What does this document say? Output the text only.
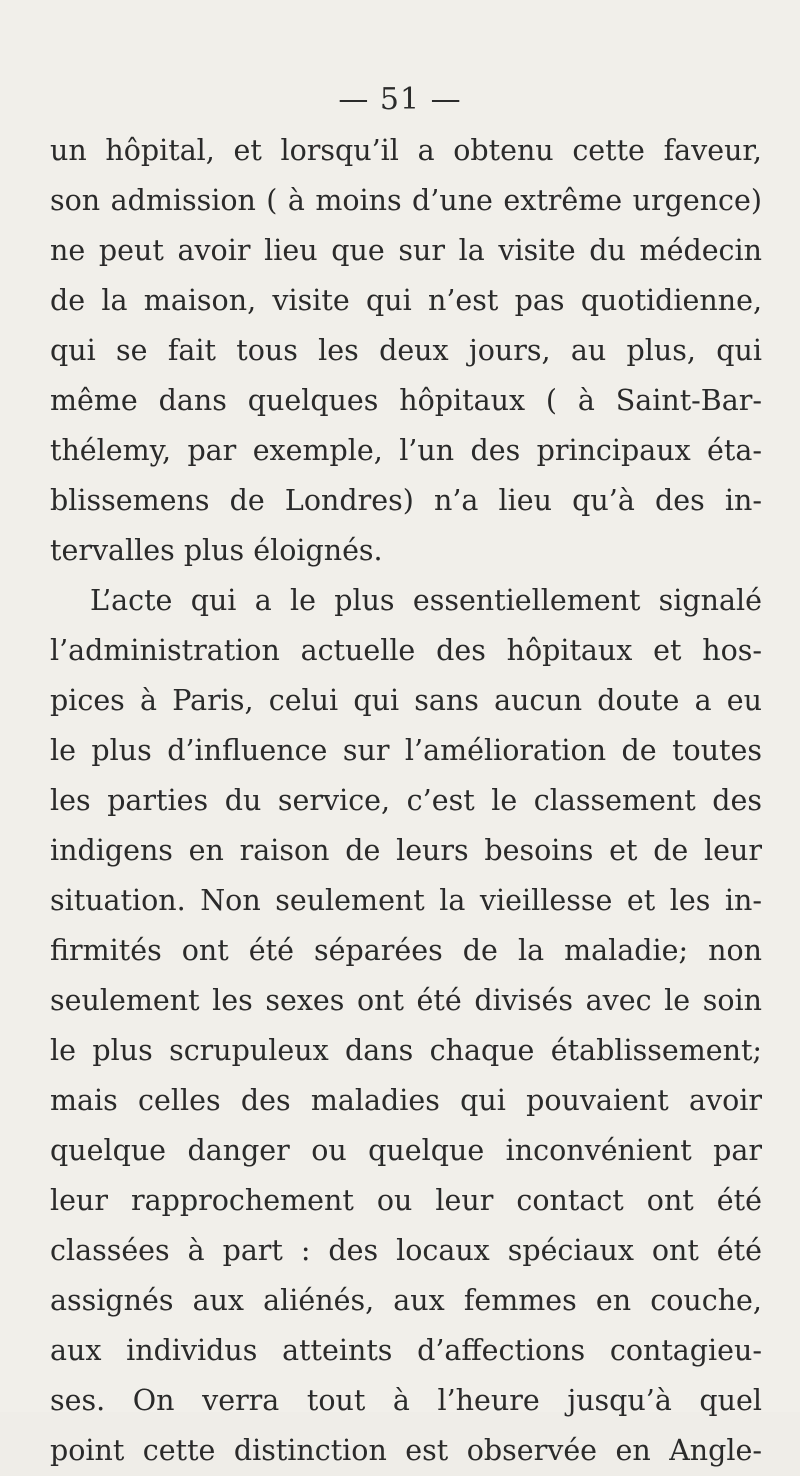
— 51 —
un hôpital, et lorsqu’il a obtenu cette faveur,
son admission ( à moins d’une extrême urgence)
ne peut avoir lieu que sur la visite du médecin
de la maison, visite qui n’est pas quotidienne,
qui se fait tous les deux jours, au plus, qui
même dans quelques hôpitaux ( à Saint-Bar-
thélemy, par exemple, l’un des principaux éta-
blissemens de Londres) n’a lieu qu’à des in-
tervalles plus éloignés.
L’acte qui a le plus essentiellement signalé
l’administration actuelle des hôpitaux et hos-
pices à Paris, celui qui sans aucun doute a eu
le plus d’influence sur l’amélioration de toutes
les parties du service, c’est le classement des
indigens en raison de leurs besoins et de leur
situation. Non seulement la vieillesse et les in-
firmités ont été séparées de la maladie; non
seulement les sexes ont été divisés avec le soin
le plus scrupuleux dans chaque établissement;
mais celles des maladies qui pouvaient avoir
quelque danger ou quelque inconvénient par
leur rapprochement ou leur contact ont été
classées à part : des locaux spéciaux ont été
assignés aux aliénés, aux femmes en couche,
aux individus atteints d’affections contagieu-
ses. On verra tout à l’heure jusqu’à quel
point cette distinction est observée en Angle-
